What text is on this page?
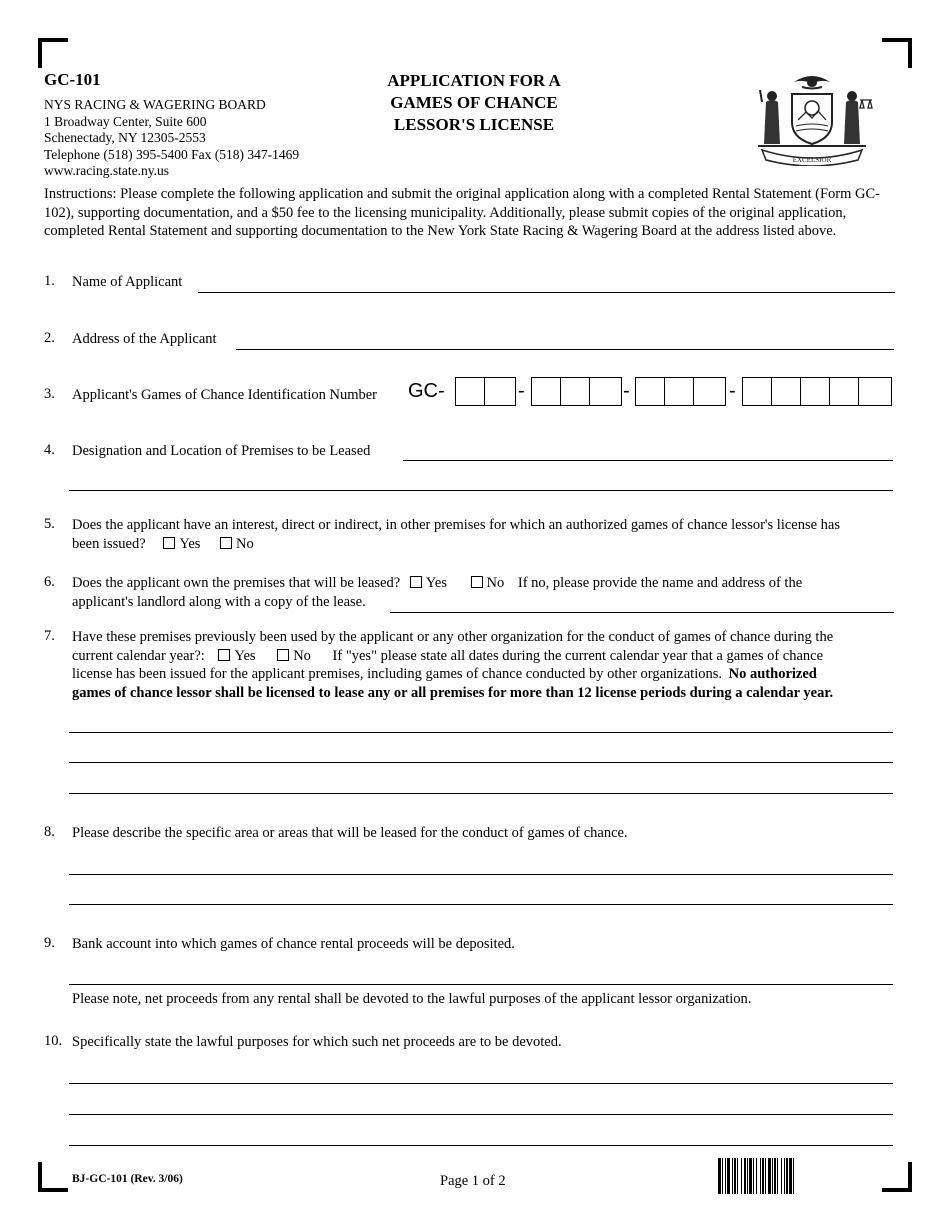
GC-101
NYS RACING & WAGERING BOARD
1 Broadway Center, Suite 600
Schenectady, NY 12305-2553
Telephone (518) 395-5400 Fax (518) 347-1469
www.racing.state.ny.us
APPLICATION FOR A
GAMES OF CHANCE
LESSOR'S LICENSE
EXCELSIOR
Instructions: Please complete the following application and submit the original application along with a completed Rental Statement (Form GC-102), supporting documentation, and a $50 fee to the licensing municipality. Additionally, please submit copies of the original application, completed Rental Statement and supporting documentation to the New York State Racing & Wagering Board at the address listed above.
1. Name of Applicant
2. Address of the Applicant
3. Applicant's Games of Chance Identification Number GC-	-	-	-
4. Designation and Location of Premises to be Leased
5. Does the applicant have an interest, direct or indirect, in other premises for which an authorized games of chance lessor's license has
been issued? Yes No
6. Does the applicant own the premises that will be leased? Yes	No If no, please provide the name and address of the
applicant's landlord along with a copy of the lease.
7. Have these premises previously been used by the applicant or any other organization for the conduct of games of chance during the
current calendar year?: Yes	No If "yes" please state all dates during the current calendar year that a games of chance
license has been issued for the applicant premises, including games of chance conducted by other organizations. No authorized
games of chance lessor shall be licensed to lease any or all premises for more than 12 license periods during a calendar year.
8. Please describe the specific area or areas that will be leased for the conduct of games of chance.
9. Bank account into which games of chance rental proceeds will be deposited.
Please note, net proceeds from any rental shall be devoted to the lawful purposes of the applicant lessor organization.
10. Specifically state the lawful purposes for which such net proceeds are to be devoted.
BJ-GC-101 (Rev. 3/06)	Page 1 of 2
